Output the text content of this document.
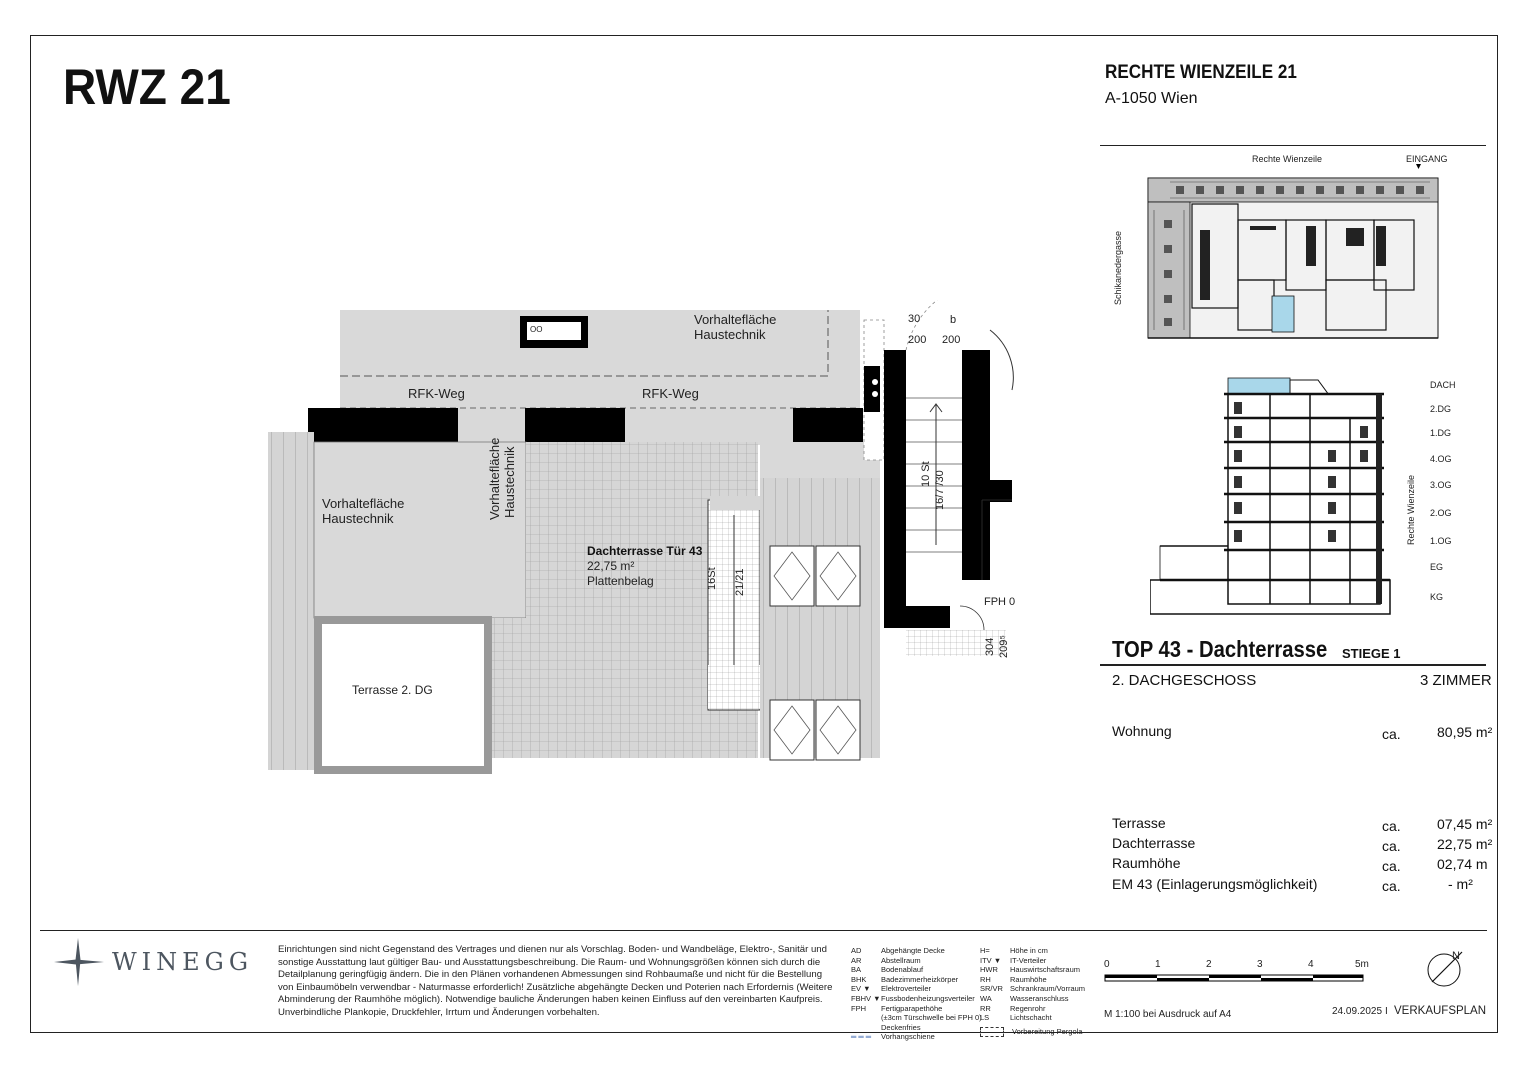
RWZ 21	RECHTE WIENZEILE 21
A-1050 Wien
Rechte Wienzeile	EINGANG
Schikanedergasse
DACH
2.DG
1.DG
4.OG
3.OG
2.OG
1.OG
EG
KG
Rechte Wienzeile
Vorhaltefläche
Haustechnik
RFK-Weg	RFK-Weg
Vorhaltefläche
Haustechnik	Vorhaltefläche Haustechnik
Dachterrasse Tür 43
22,75 m²
Plattenbelag
Terrasse 2. DG
16St 21/21
10 St 16/7 /30
30
200 200
b
FPH 0
304 209⁵
OO
TOP 43 - Dachterrasse STIEGE 1
2. DACHGESCHOSS	3 ZIMMER
Wohnung	ca.	80,95 m²
Terrasse	ca.	07,45 m²
Dachterrasse	ca.	22,75 m²
Raumhöhe	ca.	02,74 m
EM 43 (Einlagerungsmöglichkeit)	ca.	- m²
WINEGG	Einrichtungen sind nicht Gegenstand des Vertrages und dienen nur als Vorschlag. Boden- und Wandbeläge, Elektro-, Sanitär und sonstige Ausstattung laut gültiger Bau- und Ausstattungsbeschreibung. Die Raum- und Wohnungsgrößen können sich durch die Detailplanung geringfügig ändern. Die in den Plänen vorhandenen Abmessungen sind Rohbaumaße und nicht für die Bestellung von Einbaumöbeln verwendbar - Naturmasse erforderlich! Zusätzliche abgehängte Decken und Poterien nach Erfordernis (Weitere Abminderung der Raumhöhe möglich). Notwendige bauliche Änderungen haben keinen Einfluss auf den vereinbarten Kaufpreis. Unverbindliche Plankopie, Druckfehler, Irrtum und Änderungen vorbehalten.
AD	Abgehängte Decke
AR	Abstellraum
BA	Bodenablauf
BHK Badezimmerheizkörper
EV ▼ Elektroverteiler
FBHV ▼Fussbodenheizungsverteiler
FPH Fertigparapethöhe
(±3cm Türschwelle bei FPH 0)
Deckenfries
═ ═ ═ Vorhangschiene
H=	Höhe in cm
ITV ▼ IT-Verteiler
HWR Hauswirtschaftsraum
RH	Raumhöhe
SR/VR Schrankraum/Vorraum
WA Wasseranschluss
RR	Regenrohr
LS	Lichtschacht
Vorbereitung Pergola
0	1	2	3	4	5m
M 1:100 bei Ausdruck auf A4	24.09.2025 I VERKAUFSPLAN
N
